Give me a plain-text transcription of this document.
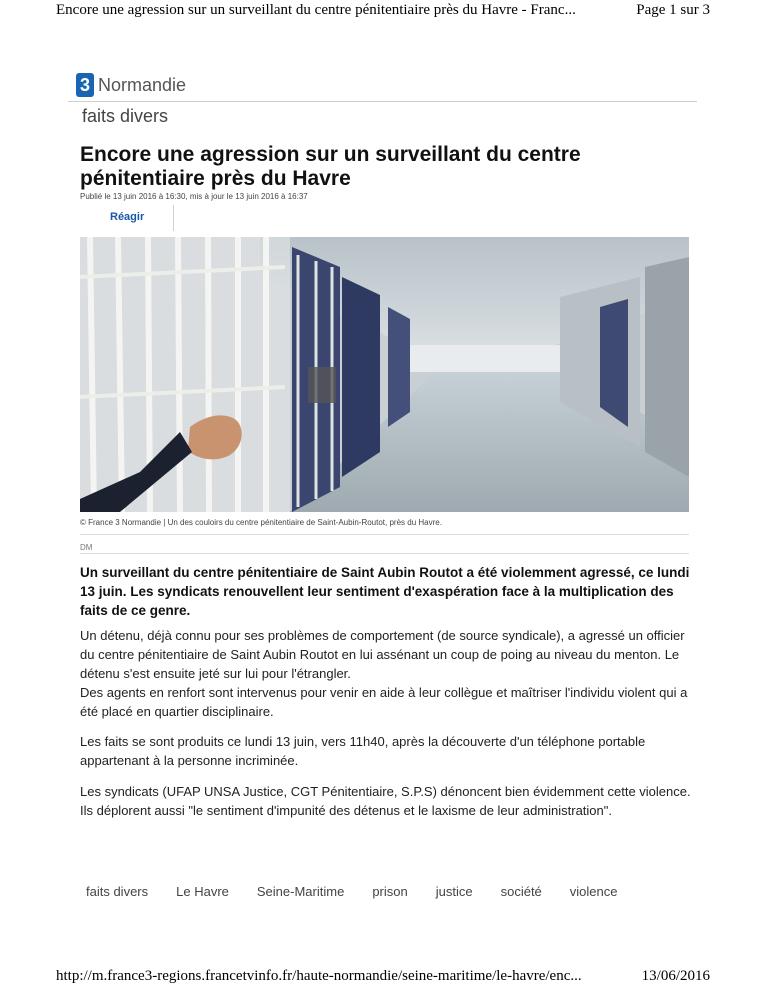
Encore une agression sur un surveillant du centre pénitentiaire près du Havre - Franc...	Page 1 sur 3
3 Normandie
faits divers
Encore une agression sur un surveillant du centre pénitentiaire près du Havre
Publié le 13 juin 2016 à 16:30, mis à jour le 13 juin 2016 à 16:37
Réagir
© France 3 Normandie | Un des couloirs du centre pénitentiaire de Saint-Aubin-Routot, près du Havre.
DM

Un surveillant du centre pénitentiaire de Saint Aubin Routot a été violemment agressé, ce lundi 13 juin. Les syndicats renouvellent leur sentiment d'exaspération face à la multiplication des faits de ce genre.

Un détenu, déjà connu pour ses problèmes de comportement (de source syndicale), a agressé un officier du centre pénitentiaire de Saint Aubin Routot en lui assénant un coup de poing au niveau du menton. Le détenu s'est ensuite jeté sur lui pour l'étrangler.
Des agents en renfort sont intervenus pour venir en aide à leur collègue et maîtriser l'individu violent qui a été placé en quartier disciplinaire.

Les faits se sont produits ce lundi 13 juin, vers 11h40, après la découverte d'un téléphone portable appartenant à la personne incriminée.

Les syndicats (UFAP UNSA Justice, CGT Pénitentiaire, S.P.S) dénoncent bien évidemment cette violence. Ils déplorent aussi "le sentiment d'impunité des détenus et le laxisme de leur administration".

faits divers Le Havre Seine-Maritime prison justice société violence
http://m.france3-regions.francetvinfo.fr/haute-normandie/seine-maritime/le-havre/enc...	13/06/2016
